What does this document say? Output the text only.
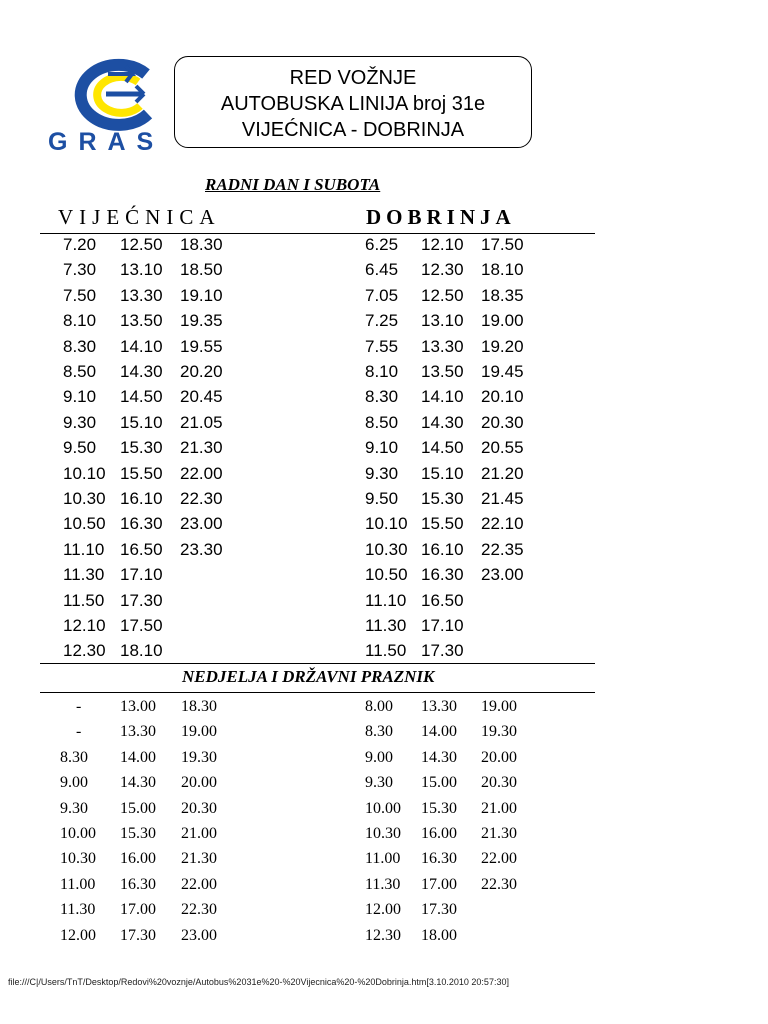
GRAS
RED VOŽNJE
AUTOBUSKA LINIJA broj 31e
VIJEĆNICA - DOBRINJA
RADNI DAN I SUBOTA
VIJEĆNICA	DOBRINJA
7.20 12.50 18.30
7.30 13.10 18.50
7.50 13.30 19.10
8.10 13.50 19.35
8.30 14.10 19.55
8.50 14.30 20.20
9.10 14.50 20.45
9.30 15.10 21.05
9.50 15.30 21.30
10.10 15.50 22.00
10.30 16.10 22.30
10.50 16.30 23.00
11.10 16.50 23.30
11.30 17.10
11.50 17.30
12.10 17.50
12.30 18.10
6.25 12.10 17.50
6.45 12.30 18.10
7.05 12.50 18.35
7.25 13.10 19.00
7.55 13.30 19.20
8.10 13.50 19.45
8.30 14.10 20.10
8.50 14.30 20.30
9.10 14.50 20.55
9.30 15.10 21.20
9.50 15.30 21.45
10.10 15.50 22.10
10.30 16.10 22.35
10.50 16.30 23.00
11.10 16.50
11.30 17.10
11.50 17.30
NEDJELJA I DRŽAVNI PRAZNIK
- 13.00 18.30
- 13.30 19.00
8.30 14.00 19.30
9.00 14.30 20.00
9.30 15.00 20.30
10.00 15.30 21.00
10.30 16.00 21.30
11.00 16.30 22.00
11.30 17.00 22.30
12.00 17.30 23.00
8.00 13.30 19.00
8.30 14.00 19.30
9.00 14.30 20.00
9.30 15.00 20.30
10.00 15.30 21.00
10.30 16.00 21.30
11.00 16.30 22.00
11.30 17.00 22.30
12.00 17.30
12.30 18.00
file:///C|/Users/TnT/Desktop/Redovi%20voznje/Autobus%2031e%20-%20Vijecnica%20-%20Dobrinja.htm[3.10.2010 20:57:30]
